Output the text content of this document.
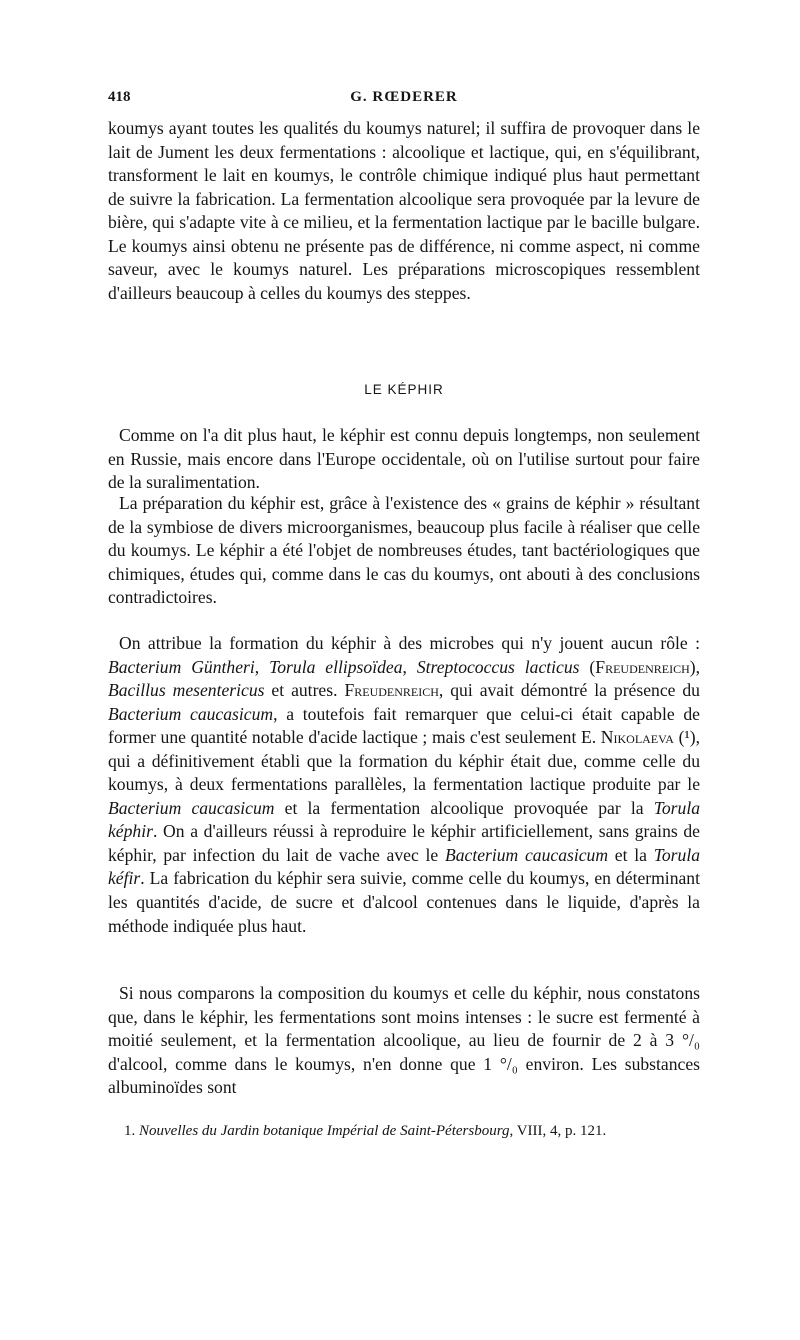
418	G. RŒDERER

koumys ayant toutes les qualités du koumys naturel; il suffira de provoquer dans le lait de Jument les deux fermentations : alcoolique et lactique, qui, en s'équilibrant, transforment le lait en koumys, le contrôle chimique indiqué plus haut permettant de suivre la fabrication. La fermentation alcoolique sera provoquée par la levure de bière, qui s'adapte vite à ce milieu, et la fermentation lactique par le bacille bulgare. Le koumys ainsi obtenu ne présente pas de différence, ni comme aspect, ni comme saveur, avec le koumys naturel. Les préparations microscopiques ressemblent d'ailleurs beaucoup à celles du koumys des steppes.

LE KÉPHIR

Comme on l'a dit plus haut, le képhir est connu depuis longtemps, non seulement en Russie, mais encore dans l'Europe occidentale, où on l'utilise surtout pour faire de la suralimentation.

La préparation du képhir est, grâce à l'existence des « grains de képhir » résultant de la symbiose de divers microorganismes, beaucoup plus facile à réaliser que celle du koumys. Le képhir a été l'objet de nombreuses études, tant bactériologiques que chimiques, études qui, comme dans le cas du koumys, ont abouti à des conclusions contradictoires.

On attribue la formation du képhir à des microbes qui n'y jouent aucun rôle : Bacterium Güntheri, Torula ellipsoïdea, Streptococcus lacticus (Freudenreich), Bacillus mesentericus et autres. Freudenreich, qui avait démontré la présence du Bacterium caucasicum, a toutefois fait remarquer que celui-ci était capable de former une quantité notable d'acide lactique ; mais c'est seulement E. Nikolaeva (¹), qui a définitivement établi que la formation du képhir était due, comme celle du koumys, à deux fermentations parallèles, la fermentation lactique produite par le Bacterium caucasicum et la fermentation alcoolique provoquée par la Torula képhir. On a d'ailleurs réussi à reproduire le képhir artificiellement, sans grains de képhir, par infection du lait de vache avec le Bacterium caucasicum et la Torula kéfir. La fabrication du képhir sera suivie, comme celle du koumys, en déterminant les quantités d'acide, de sucre et d'alcool contenues dans le liquide, d'après la méthode indiquée plus haut.

Si nous comparons la composition du koumys et celle du képhir, nous constatons que, dans le képhir, les fermentations sont moins intenses : le sucre est fermenté à moitié seulement, et la fermentation alcoolique, au lieu de fournir de 2 à 3 °/₀ d'alcool, comme dans le koumys, n'en donne que 1 °/₀ environ. Les substances albuminoïdes sont

1. Nouvelles du Jardin botanique Impérial de Saint-Pétersbourg, VIII, 4, p. 121.
